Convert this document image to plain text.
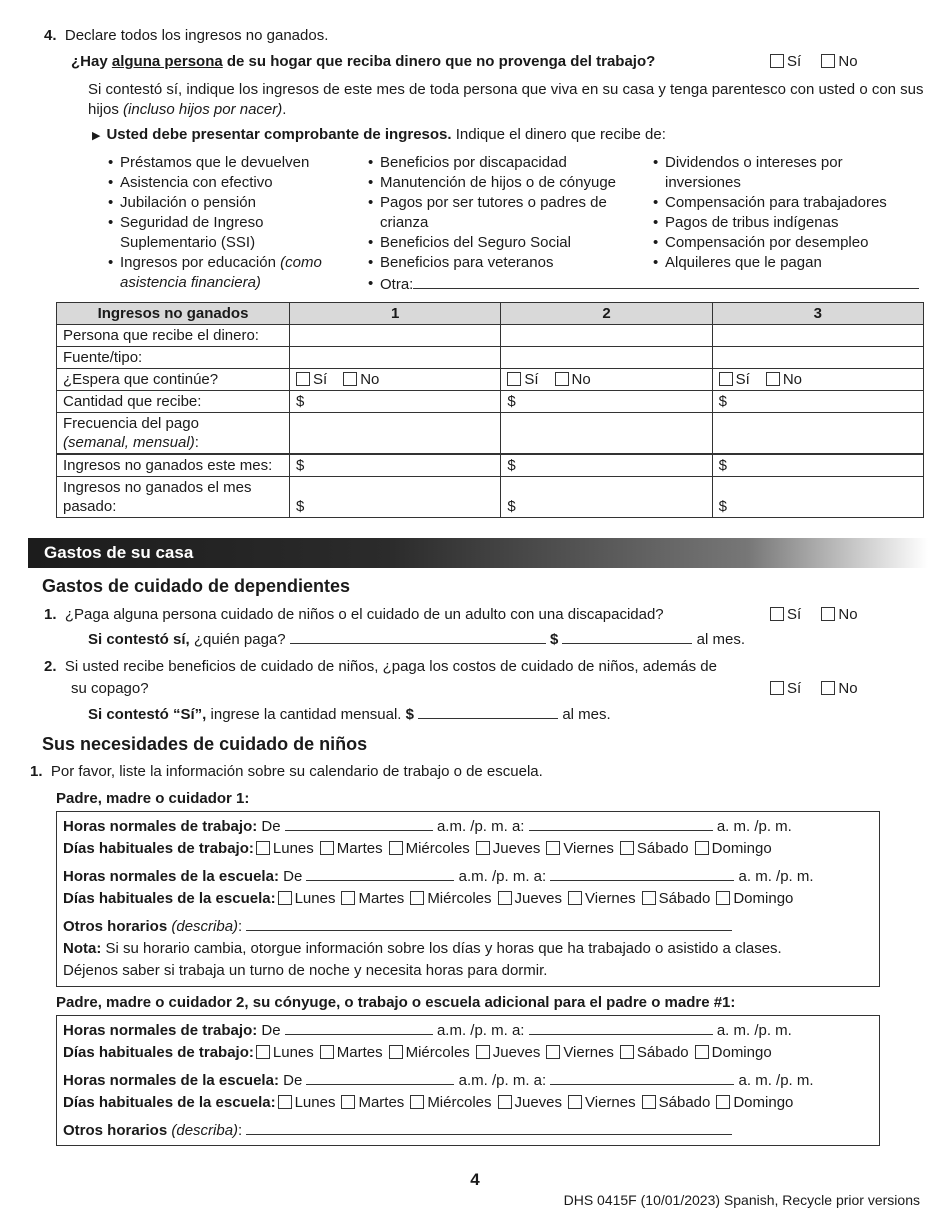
4. Declare todos los ingresos no ganados.
¿Hay alguna persona de su hogar que reciba dinero que no provenga del trabajo?	Sí No
Si contestó sí, indique los ingresos de este mes de toda persona que viva en su casa y tenga parentesco con usted o con sus hijos (incluso hijos por nacer).
▶ Usted debe presentar comprobante de ingresos. Indique el dinero que recibe de:
• Préstamos que le devuelven
• Asistencia con efectivo
• Jubilación o pensión
• Seguridad de Ingreso Suplementario (SSI)
• Ingresos por educación (como asistencia financiera)
• Beneficios por discapacidad
• Manutención de hijos o de cónyuge
• Pagos por ser tutores o padres de crianza
• Beneficios del Seguro Social
• Beneficios para veteranos
• Dividendos o intereses por inversiones
• Compensación para trabajadores
• Pagos de tribus indígenas
• Compensación por desempleo
• Alquileres que le pagan
• Otra:
Ingresos no ganados	1	2	3
Persona que recibe el dinero:			
Fuente/tipo:			
¿Espera que continúe?	Sí No	Sí No	Sí No
Cantidad que recibe:	$	$	$
Frecuencia del pago
(semanal, mensual):			
Ingresos no ganados este mes:	$	$	$
Ingresos no ganados el mes pasado:	$	$	$
Gastos de su casa
Gastos de cuidado de dependientes
1. ¿Paga alguna persona cuidado de niños o el cuidado de un adulto con una discapacidad?	Sí No
Si contestó sí, ¿quién paga?	$	al mes.
2. Si usted recibe beneficios de cuidado de niños, ¿paga los costos de cuidado de niños, además de
su copago?	Sí No
Si contestó “Sí”, ingrese la cantidad mensual. $	al mes.
Sus necesidades de cuidado de niños
1. Por favor, liste la información sobre su calendario de trabajo o de escuela.
Padre, madre o cuidador 1:
Horas normales de trabajo: De	a.m. /p. m. a:	a. m. /p. m.
Días habituales de trabajo: Lunes Martes Miércoles Jueves Viernes Sábado Domingo
Horas normales de la escuela: De	a.m. /p. m. a:	a. m. /p. m.
Días habituales de la escuela: Lunes Martes Miércoles Jueves Viernes Sábado Domingo
Otros horarios (describa):
Nota: Si su horario cambia, otorgue información sobre los días y horas que ha trabajado o asistido a clases.
Déjenos saber si trabaja un turno de noche y necesita horas para dormir.
Padre, madre o cuidador 2, su cónyuge, o trabajo o escuela adicional para el padre o madre #1:
Horas normales de trabajo: De	a.m. /p. m. a:	a. m. /p. m.
Días habituales de trabajo: Lunes Martes Miércoles Jueves Viernes Sábado Domingo
Horas normales de la escuela: De	a.m. /p. m. a:	a. m. /p. m.
Días habituales de la escuela: Lunes Martes Miércoles Jueves Viernes Sábado Domingo
Otros horarios (describa):
4
DHS 0415F (10/01/2023) Spanish, Recycle prior versions
